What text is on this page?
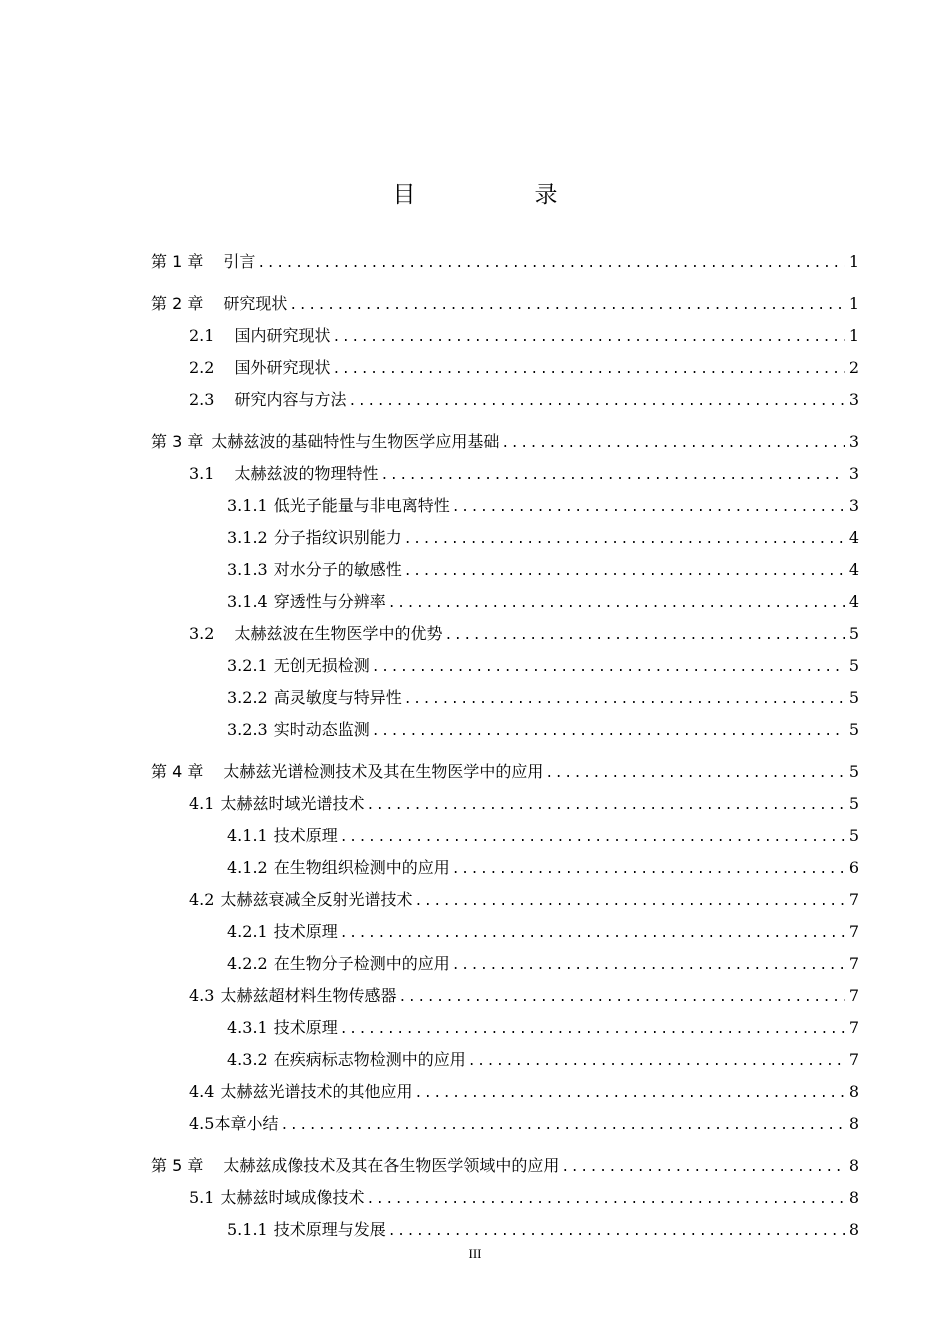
目　录
第 1 章 引言 .....	1
第 2 章 研究现状 .....	1
2.1 国内研究现状 .....	1
2.2 国外研究现状 .....	2
2.3 研究内容与方法 .....	3
第 3 章 太赫兹波的基础特性与生物医学应用基础 .....	3
3.1 太赫兹波的物理特性 .....	3
3.1.1 低光子能量与非电离特性 .....	3
3.1.2 分子指纹识别能力 .....	4
3.1.3 对水分子的敏感性 .....	4
3.1.4 穿透性与分辨率 .....	4
3.2 太赫兹波在生物医学中的优势 .....	5
3.2.1 无创无损检测 .....	5
3.2.2 高灵敏度与特异性 .....	5
3.2.3 实时动态监测 .....	5
第 4 章 太赫兹光谱检测技术及其在生物医学中的应用 .....	5
4.1 太赫兹时域光谱技术 .....	5
4.1.1 技术原理 .....	5
4.1.2 在生物组织检测中的应用 .....	6
4.2 太赫兹衰减全反射光谱技术 .....	7
4.2.1 技术原理 .....	7
4.2.2 在生物分子检测中的应用 .....	7
4.3 太赫兹超材料生物传感器 .....	7
4.3.1 技术原理 .....	7
4.3.2 在疾病标志物检测中的应用 .....	7
4.4 太赫兹光谱技术的其他应用 .....	8
4.5 本章小结 .....	8
第 5 章 太赫兹成像技术及其在各生物医学领域中的应用 .....	8
5.1 太赫兹时域成像技术 .....	8
5.1.1 技术原理与发展 .....	8
III
